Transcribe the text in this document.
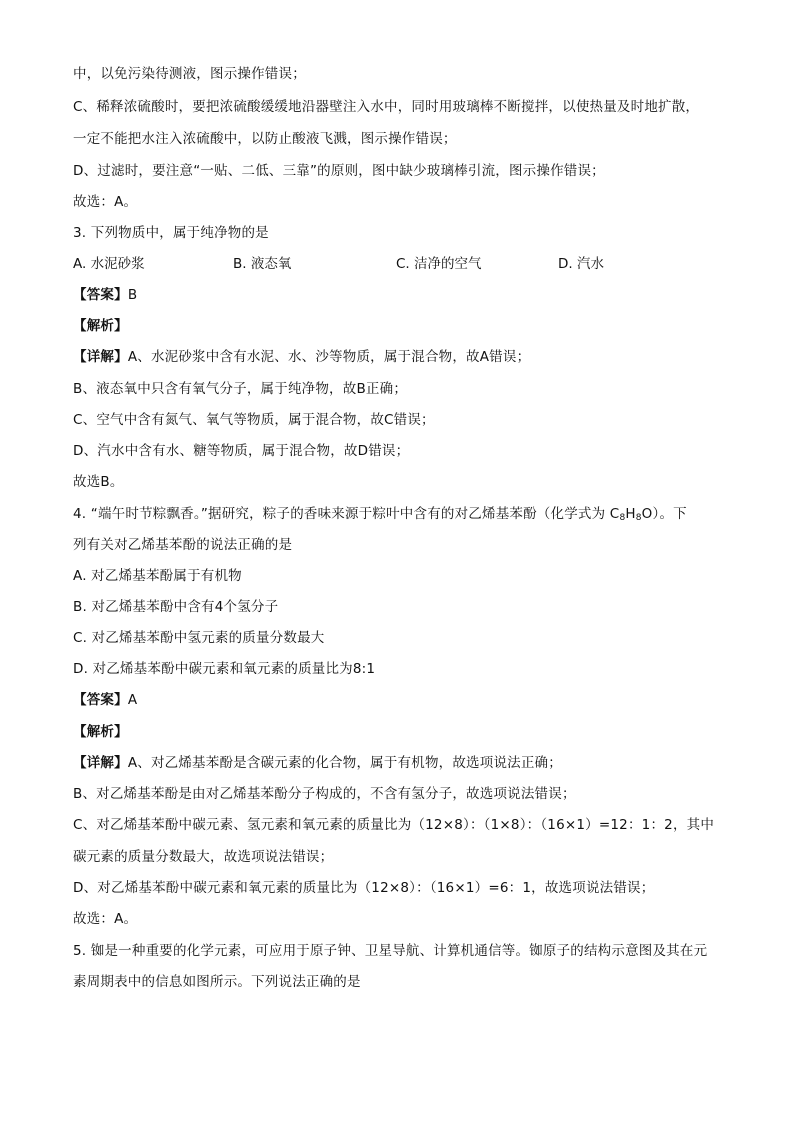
中，以免污染待测液，图示操作错误；
C、稀释浓硫酸时，要把浓硫酸缓缓地沿器壁注入水中，同时用玻璃棒不断搅拌，以使热量及时地扩散，
一定不能把水注入浓硫酸中，以防止酸液飞溅，图示操作错误；
D、过滤时，要注意“一贴、二低、三靠”的原则，图中缺少玻璃棒引流，图示操作错误；
故选：A。
3. 下列物质中，属于纯净物的是
A. 水泥砂浆	B. 液态氧	C. 洁净的空气	D. 汽水
【答案】B
【解析】
【详解】A、水泥砂浆中含有水泥、水、沙等物质，属于混合物，故A错误；
B、液态氧中只含有氧气分子，属于纯净物，故B正确；
C、空气中含有氮气、氧气等物质，属于混合物，故C错误；
D、汽水中含有水、糖等物质，属于混合物，故D错误；
故选B。
4. “端午时节粽飘香。”据研究，粽子的香味来源于粽叶中含有的对乙烯基苯酚（化学式为 $C_8H_8O$）。下
列有关对乙烯基苯酚的说法正确的是
A. 对乙烯基苯酚属于有机物
B. 对乙烯基苯酚中含有4个氢分子
C. 对乙烯基苯酚中氢元素的质量分数最大
D. 对乙烯基苯酚中碳元素和氧元素的质量比为8:1
【答案】A
【解析】
【详解】A、对乙烯基苯酚是含碳元素的化合物，属于有机物，故选项说法正确；
B、对乙烯基苯酚是由对乙烯基苯酚分子构成的，不含有氢分子，故选项说法错误；
C、对乙烯基苯酚中碳元素、氢元素和氧元素的质量比为（12×8）：（1×8）：（16×1）=12：1：2，其中
碳元素的质量分数最大，故选项说法错误；
D、对乙烯基苯酚中碳元素和氧元素的质量比为（12×8）：（16×1）=6：1，故选项说法错误；
故选：A。
5. 铷是一种重要的化学元素，可应用于原子钟、卫星导航、计算机通信等。铷原子的结构示意图及其在元
素周期表中的信息如图所示。下列说法正确的是
